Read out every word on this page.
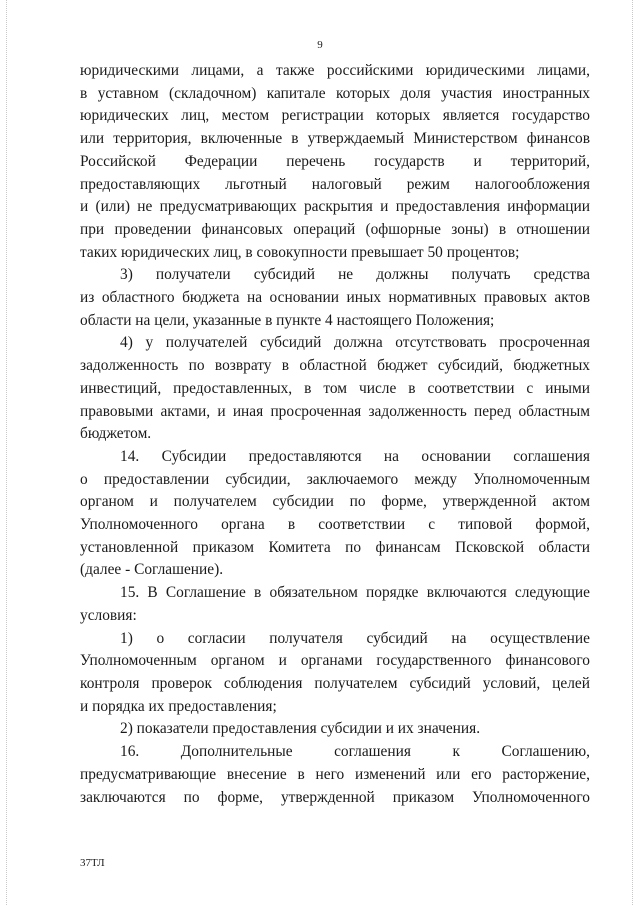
9

юридическими лицами, а также российскими юридическими лицами,

в уставном (складочном) капитале которых доля участия иностранных

юридических лиц, местом регистрации которых является государство

или территория, включенные в утверждаемый Министерством финансов

Российской Федерации перечень государств и территорий,

предоставляющих льготный налоговый режим налогообложения

и (или) не предусматривающих раскрытия и предоставления информации

при проведении финансовых операций (офшорные зоны) в отношении

таких юридических лиц, в совокупности превышает 50 процентов;

3) получатели субсидий не должны получать средства

из областного бюджета на основании иных нормативных правовых актов

области на цели, указанные в пункте 4 настоящего Положения;

4) у получателей субсидий должна отсутствовать просроченная

задолженность по возврату в областной бюджет субсидий, бюджетных

инвестиций, предоставленных, в том числе в соответствии с иными

правовыми актами, и иная просроченная задолженность перед областным

бюджетом.

14. Субсидии предоставляются на основании соглашения

о предоставлении субсидии, заключаемого между Уполномоченным

органом и получателем субсидии по форме, утвержденной актом

Уполномоченного органа в соответствии с типовой формой,

установленной приказом Комитета по финансам Псковской области

(далее - Соглашение).

15. В Соглашение в обязательном порядке включаются следующие

условия:

1) о согласии получателя субсидий на осуществление

Уполномоченным органом и органами государственного финансового

контроля проверок соблюдения получателем субсидий условий, целей

и порядка их предоставления;

2) показатели предоставления субсидии и их значения.

16. Дополнительные соглашения к Соглашению,

предусматривающие внесение в него изменений или его расторжение,

заключаются по форме, утвержденной приказом Уполномоченного

37ТЛ
